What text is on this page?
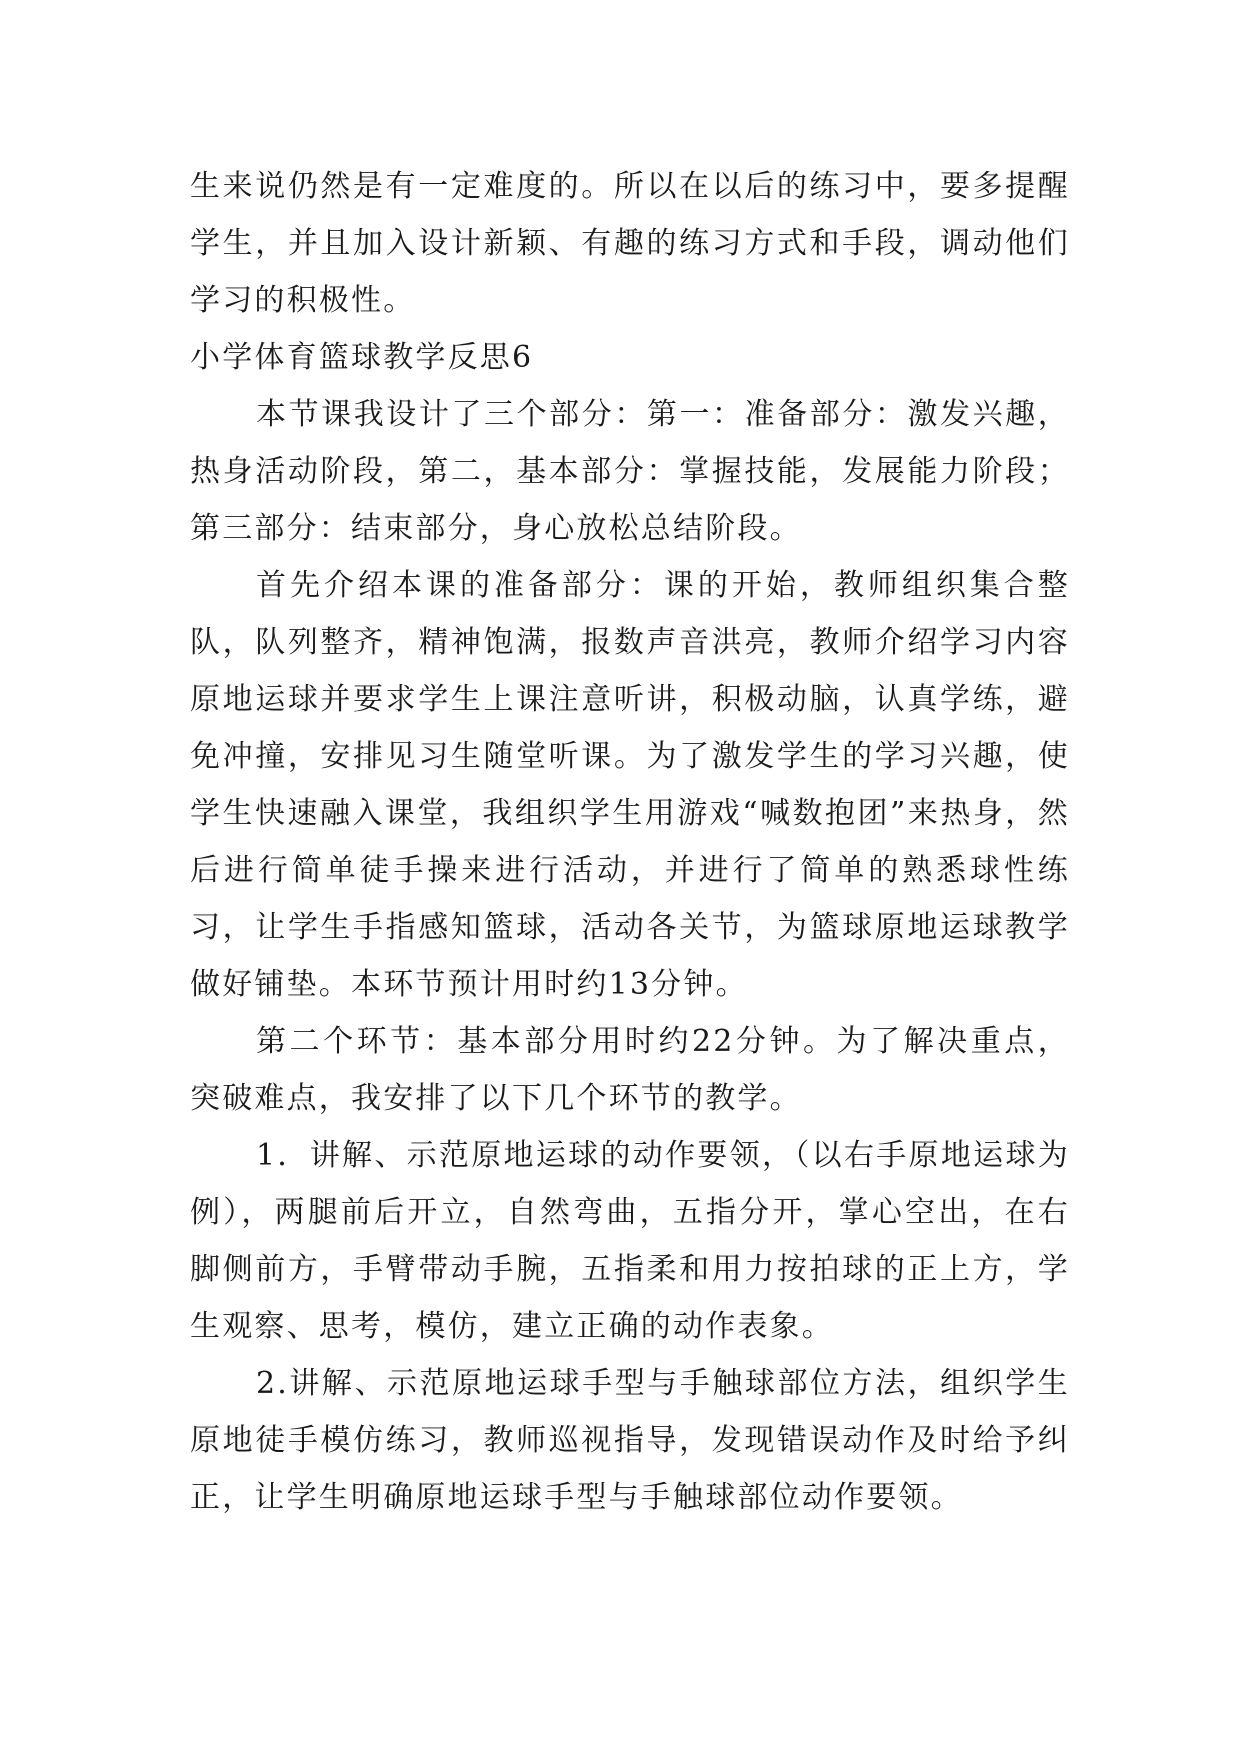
生来说仍然是有一定难度的。所以在以后的练习中，要多提醒学生，并且加入设计新颖、有趣的练习方式和手段，调动他们学习的积极性。

小学体育篮球教学反思6

本节课我设计了三个部分：第一：准备部分：激发兴趣，热身活动阶段，第二，基本部分：掌握技能，发展能力阶段；第三部分：结束部分，身心放松总结阶段。

首先介绍本课的准备部分：课的开始，教师组织集合整队，队列整齐，精神饱满，报数声音洪亮，教师介绍学习内容原地运球并要求学生上课注意听讲，积极动脑，认真学练，避免冲撞，安排见习生随堂听课。为了激发学生的学习兴趣，使学生快速融入课堂，我组织学生用游戏“喊数抱团”来热身，然后进行简单徒手操来进行活动，并进行了简单的熟悉球性练习，让学生手指感知篮球，活动各关节，为篮球原地运球教学做好铺垫。本环节预计用时约13分钟。

第二个环节：基本部分用时约22分钟。为了解决重点，突破难点，我安排了以下几个环节的教学。

1．讲解、示范原地运球的动作要领，（以右手原地运球为例），两腿前后开立，自然弯曲，五指分开，掌心空出，在右脚侧前方，手臂带动手腕，五指柔和用力按拍球的正上方，学生观察、思考，模仿，建立正确的动作表象。

2.讲解、示范原地运球手型与手触球部位方法，组织学生原地徒手模仿练习，教师巡视指导，发现错误动作及时给予纠正，让学生明确原地运球手型与手触球部位动作要领。
